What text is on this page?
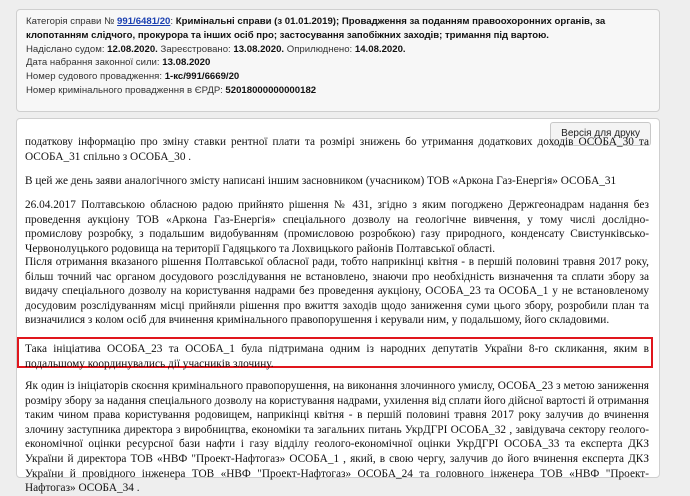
Категорія справи № 991/6481/20: Кримінальні справи (з 01.01.2019); Провадження за поданням правоохоронних органів, за клопотанням слідчого, прокурора та інших осіб про; застосування запобіжних заходів; тримання під вартою.
Надіслано судом: 12.08.2020. Зареєстровано: 13.08.2020. Оприлюднено: 14.08.2020.
Дата набрання законної сили: 13.08.2020
Номер судового провадження: 1-кс/991/6669/20
Номер кримінального провадження в ЄРДР: 52018000000000182
Версія для друку
податкову інформацію про зміну ставки рентної плати та розмірі знижень бо утримання додаткових доходів ОСОБА_30 та ОСОБА_31 спільно з ОСОБА_30 .

В цей же день заяви аналогічного змісту написані іншим засновником (учасником) ТОВ «Аркона Газ-Енергія» ОСОБА_31

26.04.2017 Полтавською обласною радою прийнято рішення № 431, згідно з яким погоджено Держгеонадрам надання без проведення аукціону ТОВ «Аркона Газ-Енергія» спеціального дозволу на геологічне вивчення, у тому числі дослідно-промислову розробку, з подальшим видобуванням (промисловою розробкою) газу природного, конденсату Свистунківсько-Червонолуцького родовища на території Гадяцького та Лохвицького районів Полтавської області.

Після отримання вказаного рішення Полтавської обласної ради, тобто наприкінці квітня - в першій половині травня 2017 року, більш точний час органом досудового розслідування не встановлено, знаючи про необхідність визначення та сплати збору за видачу спеціального дозволу на користування надрами без проведення аукціону, ОСОБА_23 та ОСОБА_1 у не встановленому досудовим розслідуванням місці прийняли рішення про вжиття заходів щодо заниження суми цього збору, розробили план та визначилися з колом осіб для вчинення кримінального правопорушення і керували ним, у подальшому, його складовими.

Така ініціатива ОСОБА_23 та ОСОБА_1 була підтримана одним із народних депутатів України 8-го скликання, яким в подальшому координувались дії учасників злочину.

Як один із ініціаторів скоєння кримінального правопорушення, на виконання злочинного умислу, ОСОБА_23 з метою заниження розміру збору за надання спеціального дозволу на користування надрами, ухилення від сплати його дійсної вартості й отримання таким чином права користування родовищем, наприкінці квітня - в першій половині травня 2017 року залучив до вчинення злочину заступника директора з виробництва, економіки та загальних питань УкрДГРІ ОСОБА_32 , завідувача сектору геолого-економічної оцінки ресурсної бази нафти і газу відділу геолого-економічної оцінки УкрДГРІ ОСОБА_33 та експерта ДКЗ України й директора ТОВ «НВФ "Проект-Нафтогаз» ОСОБА_1 , який, в свою чергу, залучив до його вчинення експерта ДКЗ України й провідного інженера ТОВ «НВФ "Проект-Нафтогаз» ОСОБА_24 та головного інженера ТОВ «НВФ "Проект-Нафтогаз» ОСОБА_34 .
